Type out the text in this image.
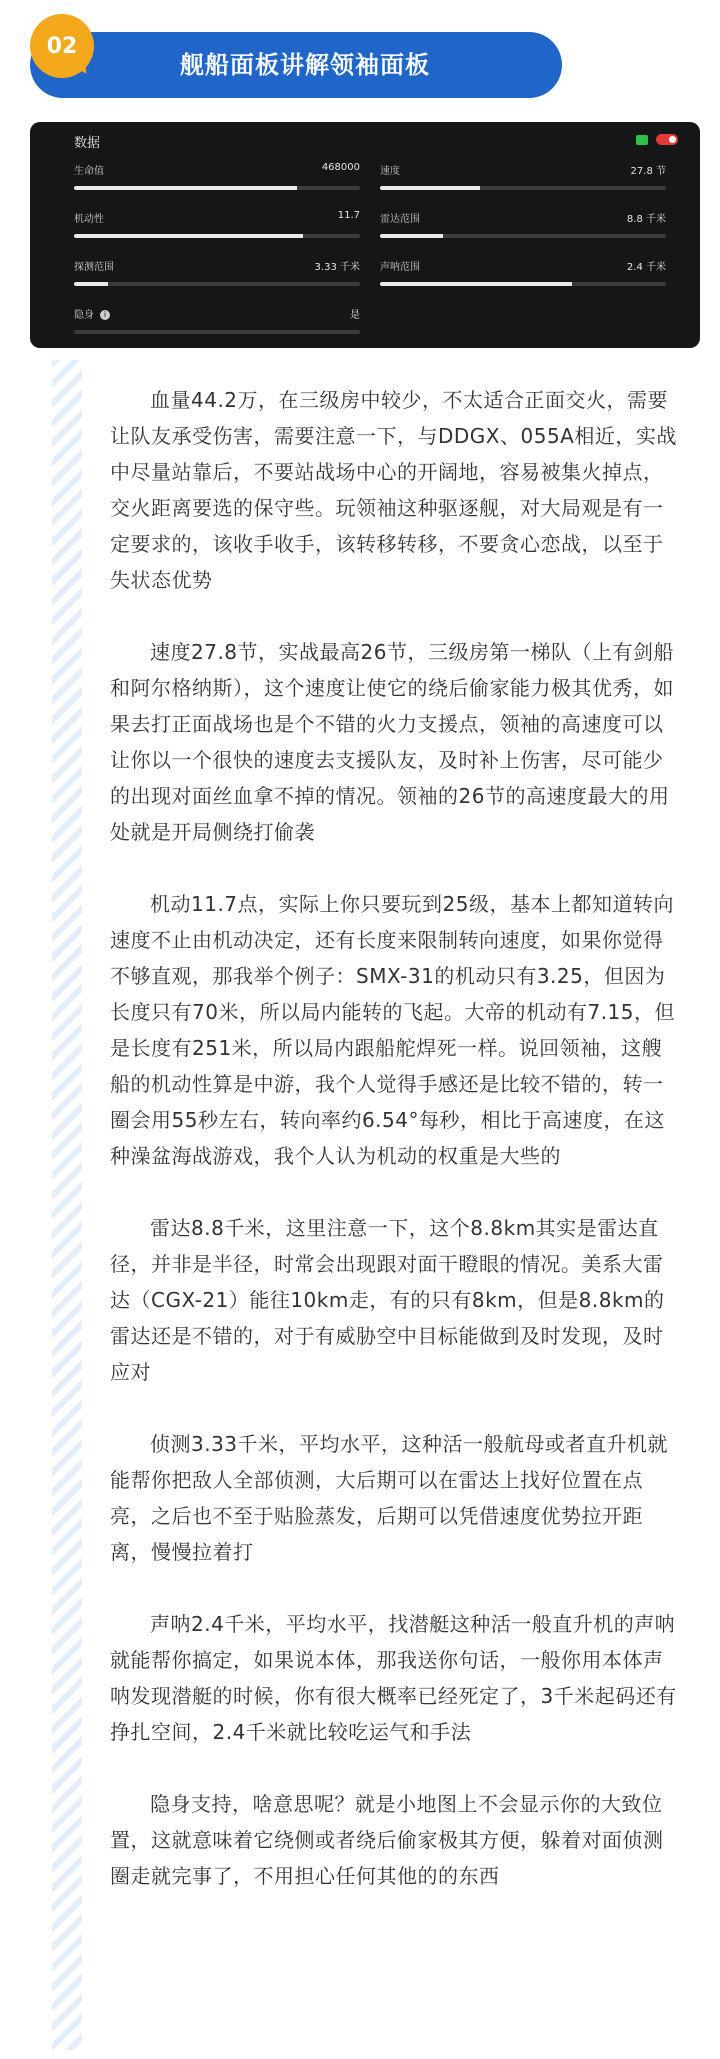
舰船面板讲解领袖面板
02
数据
生命值	468000 速度	27.8 节
机动性	11.7 雷达范围	8.8 千米
探测范围	3.33 千米 声呐范围	2.4 千米
隐身 i	是

血量44.2万，在三级房中较少，不太适合正面交火，需要让队友承受伤害，需要注意一下，与DDGX、055A相近，实战中尽量站靠后，不要站战场中心的开阔地，容易被集火掉点，交火距离要选的保守些。玩领袖这种驱逐舰，对大局观是有一定要求的，该收手收手，该转移转移，不要贪心恋战，以至于失状态优势

速度27.8节，实战最高26节，三级房第一梯队（上有剑船和阿尔格纳斯），这个速度让使它的绕后偷家能力极其优秀，如果去打正面战场也是个不错的火力支援点，领袖的高速度可以让你以一个很快的速度去支援队友，及时补上伤害，尽可能少的出现对面丝血拿不掉的情况。领袖的26节的高速度最大的用处就是开局侧绕打偷袭

机动11.7点，实际上你只要玩到25级，基本上都知道转向速度不止由机动决定，还有长度来限制转向速度，如果你觉得不够直观，那我举个例子：SMX-31的机动只有3.25，但因为长度只有70米，所以局内能转的飞起。大帝的机动有7.15，但是长度有251米，所以局内跟船舵焊死一样。说回领袖，这艘船的机动性算是中游，我个人觉得手感还是比较不错的，转一圈会用55秒左右，转向率约6.54°每秒，相比于高速度，在这种澡盆海战游戏，我个人认为机动的权重是大些的

雷达8.8千米，这里注意一下，这个8.8km其实是雷达直径，并非是半径，时常会出现跟对面干瞪眼的情况。美系大雷达（CGX-21）能往10km走，有的只有8km，但是8.8km的雷达还是不错的，对于有威胁空中目标能做到及时发现，及时应对

侦测3.33千米，平均水平，这种活一般航母或者直升机就能帮你把敌人全部侦测，大后期可以在雷达上找好位置在点亮，之后也不至于贴脸蒸发，后期可以凭借速度优势拉开距离，慢慢拉着打

声呐2.4千米，平均水平，找潜艇这种活一般直升机的声呐就能帮你搞定，如果说本体，那我送你句话，一般你用本体声呐发现潜艇的时候，你有很大概率已经死定了，3千米起码还有挣扎空间，2.4千米就比较吃运气和手法

隐身支持，啥意思呢？就是小地图上不会显示你的大致位置，这就意味着它绕侧或者绕后偷家极其方便，躲着对面侦测圈走就完事了，不用担心任何其他的的东西
